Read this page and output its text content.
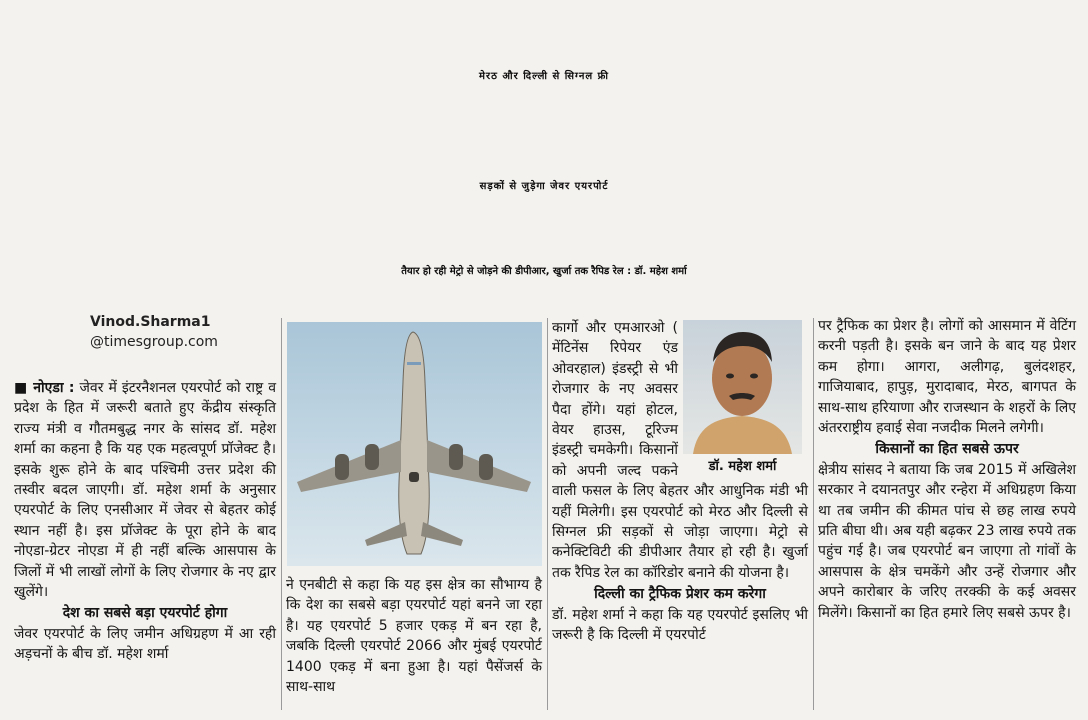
मेरठ और दिल्ली से सिग्नल फ्री
सड़कों से जुड़ेगा जेवर एयरपोर्ट
तैयार हो रही मेट्रो से जोड़ने की डीपीआर, खुर्जा तक रैपिड रेल : डॉ. महेश शर्मा
Vinod.Sharma1
@timesgroup.com
डॉ. महेश शर्मा

■ नोएडा : जेवर में इंटरनैशनल एयरपोर्ट को राष्ट्र व प्रदेश के हित में जरूरी बताते हुए केंद्रीय संस्कृति राज्य मंत्री व गौतमबुद्ध नगर के सांसद डॉ. महेश शर्मा का कहना है कि यह एक महत्वपूर्ण प्रॉजेक्ट है। इसके शुरू होने के बाद पश्चिमी उत्तर प्रदेश की तस्वीर बदल जाएगी। डॉ. महेश शर्मा के अनुसार एयरपोर्ट के लिए एनसीआर में जेवर से बेहतर कोई स्थान नहीं है। इस प्रॉजेक्ट के पूरा होने के बाद नोएडा-ग्रेटर नोएडा में ही नहीं बल्कि आसपास के जिलों में भी लाखों लोगों के लिए रोजगार के नए द्वार खुलेंगे।

देश का सबसे बड़ा एयरपोर्ट होगा

जेवर एयरपोर्ट के लिए जमीन अधिग्रहण में आ रही अड़चनों के बीच डॉ. महेश शर्मा

ने एनबीटी से कहा कि यह इस क्षेत्र का सौभाग्य है कि देश का सबसे बड़ा एयरपोर्ट यहां बनने जा रहा है। यह एयरपोर्ट 5 हजार एकड़ में बन रहा है, जबकि दिल्ली एयरपोर्ट 2066 और मुंबई एयरपोर्ट 1400 एकड़ में बना हुआ है। यहां पैसेंजर्स के साथ-साथ

कार्गो और एमआरओ ( मेंटिनेंस रिपेयर एंड ओवरहाल) इंडस्ट्री से भी रोजगार के नए अवसर पैदा होंगे। यहां होटल, वेयर हाउस, टूरिज्म इंडस्ट्री चमकेगी। किसानों को अपनी जल्द पकने वाली फसल के लिए बेहतर और आधुनिक मंडी भी यहीं मिलेगी। इस एयरपोर्ट को मेरठ और दिल्ली से सिग्नल फ्री सड़कों से जोड़ा जाएगा। मेट्रो से कनेक्टिविटी की डीपीआर तैयार हो रही है। खुर्जा तक रैपिड रेल का कॉरिडोर बनाने की योजना है।

दिल्ली का ट्रैफिक प्रेशर कम करेगा

डॉ. महेश शर्मा ने कहा कि यह एयरपोर्ट इसलिए भी जरूरी है कि दिल्ली में एयरपोर्ट

पर ट्रैफिक का प्रेशर है। लोगों को आसमान में वेटिंग करनी पड़ती है। इसके बन जाने के बाद यह प्रेशर कम होगा। आगरा, अलीगढ़, बुलंदशहर, गाजियाबाद, हापुड़, मुरादाबाद, मेरठ, बागपत के साथ-साथ हरियाणा और राजस्थान के शहरों के लिए अंतरराष्ट्रीय हवाई सेवा नजदीक मिलने लगेगी।

किसानों का हित सबसे ऊपर

क्षेत्रीय सांसद ने बताया कि जब 2015 में अखिलेश सरकार ने दयानतपुर और रन्हेरा में अधिग्रहण किया था तब जमीन की कीमत पांच से छह लाख रुपये प्रति बीघा थी। अब यही बढ़कर 23 लाख रुपये तक पहुंच गई है। जब एयरपोर्ट बन जाएगा तो गांवों के आसपास के क्षेत्र चमकेंगे और उन्हें रोजगार और अपने कारोबार के जरिए तरक्की के कई अवसर मिलेंगे। किसानों का हित हमारे लिए सबसे ऊपर है।
